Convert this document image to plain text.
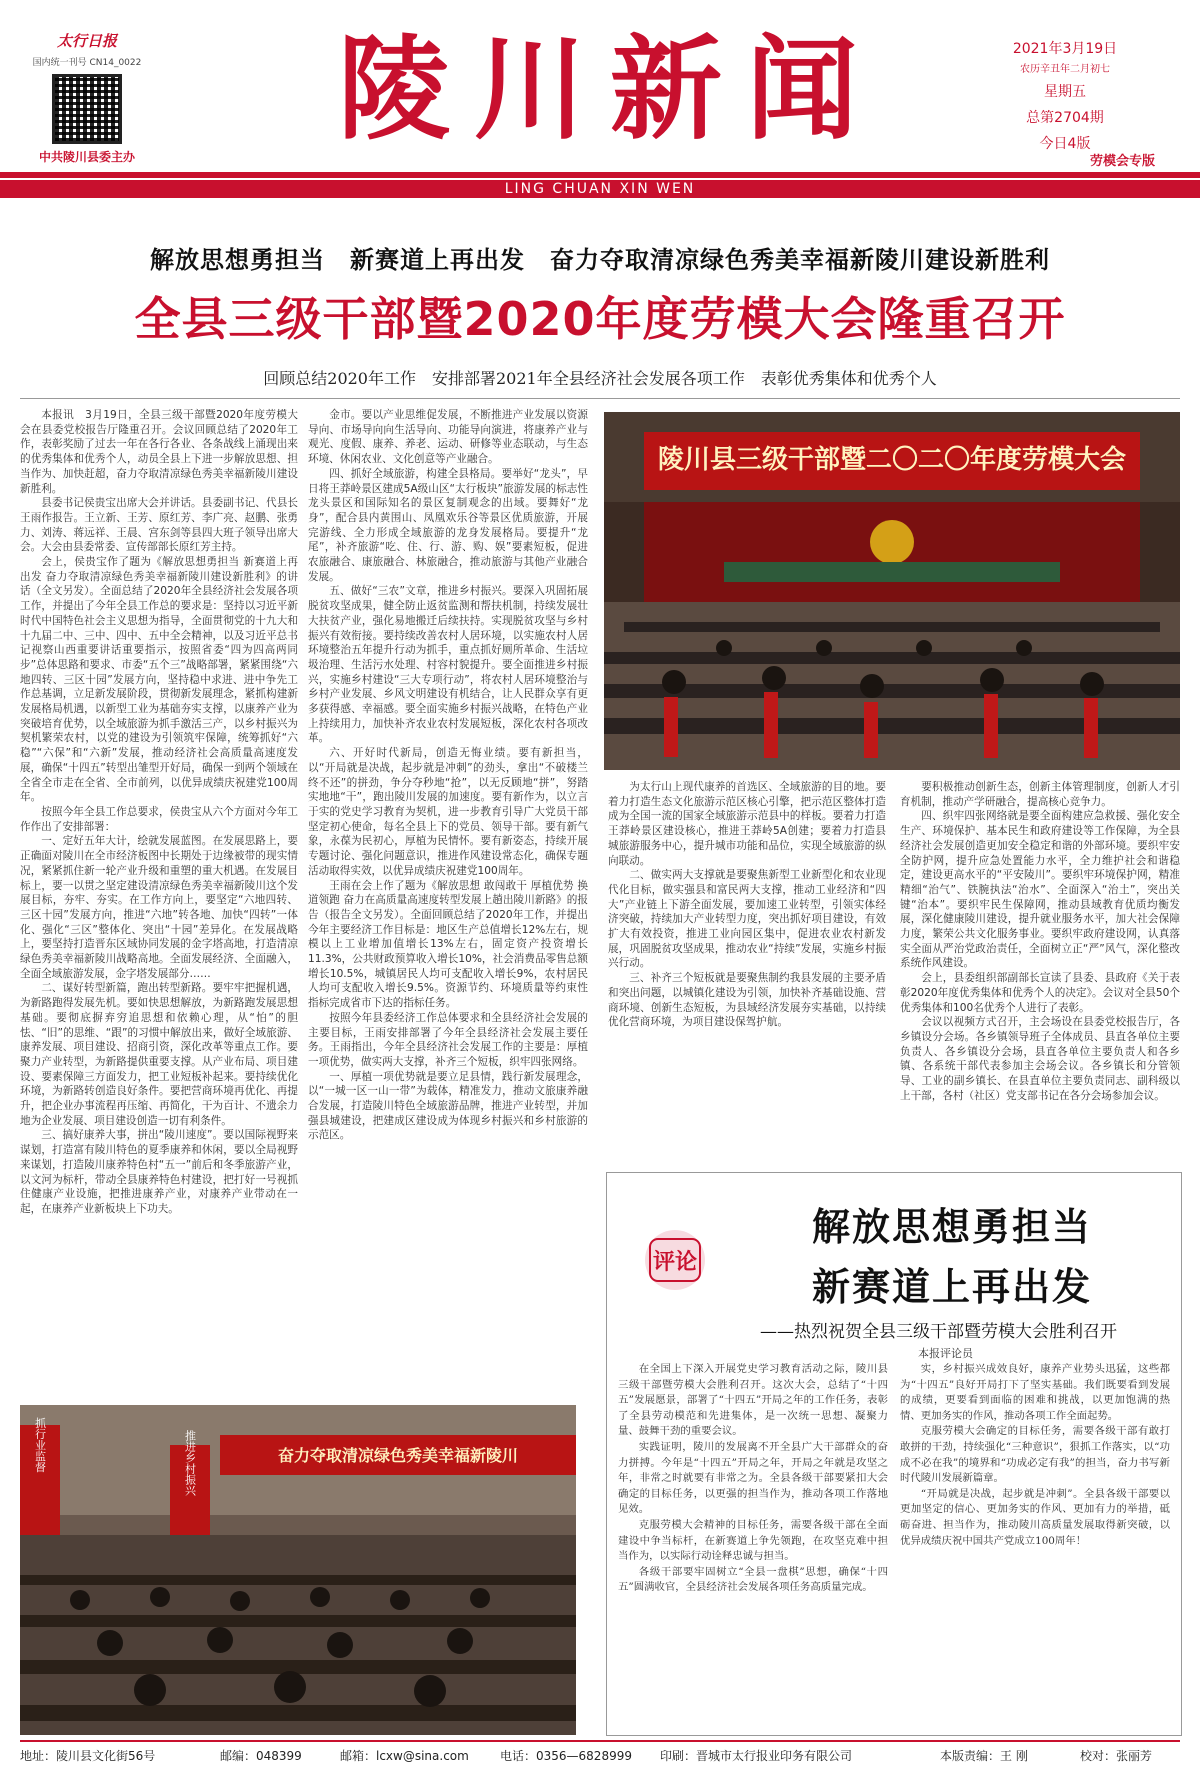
太行日报
国内统一刊号 CN14_0022
中共陵川县委主办
陵川新闻	2021年3月19日
农历辛丑年二月初七
星期五
总第2704期
今日4版
劳模会专版
LING CHUAN XIN WEN
解放思想勇担当　新赛道上再出发　奋力夺取清凉绿色秀美幸福新陵川建设新胜利
全县三级干部暨2020年度劳模大会隆重召开
回顾总结2020年工作　安排部署2021年全县经济社会发展各项工作　表彰优秀集体和优秀个人

本报讯　3月19日，全县三级干部暨2020年度劳模大会在县委党校报告厅隆重召开。会议回顾总结了2020年工作，表彰奖励了过去一年在各行各业、各条战线上涌现出来的优秀集体和优秀个人，动员全县上下进一步解放思想、担当作为、加快赶超，奋力夺取清凉绿色秀美幸福新陵川建设新胜利。

县委书记侯贵宝出席大会并讲话。县委副书记、代县长王雨作报告。王立新、王芳、原红芳、李广亮、赵鹏、张勇力、刘涛、蒋远祥、王晨、宫东剑等县四大班子领导出席大会。大会由县委常委、宣传部部长原红芳主持。

会上，侯贵宝作了题为《解放思想勇担当 新赛道上再出发 奋力夺取清凉绿色秀美幸福新陵川建设新胜利》的讲话（全文另发）。全面总结了2020年全县经济社会发展各项工作，并提出了今年全县工作总的要求是：坚持以习近平新时代中国特色社会主义思想为指导，全面贯彻党的十九大和十九届二中、三中、四中、五中全会精神，以及习近平总书记视察山西重要讲话重要指示，按照省委“四为四高两同步”总体思路和要求、市委“五个三”战略部署，紧紧围绕“六地四转、三区十园”发展方向，坚持稳中求进、进中争先工作总基调，立足新发展阶段，贯彻新发展理念，紧抓构建新发展格局机遇，以新型工业为基础夯实支撑，以康养产业为突破培育优势，以全域旅游为抓手激活三产，以乡村振兴为契机繁荣农村，以党的建设为引领筑牢保障，统筹抓好“六稳”“六保”和“六新”发展，推动经济社会高质量高速度发展，确保“十四五”转型出雏型开好局，确保一到两个领域在全省全市走在全省、全市前列，以优异成绩庆祝建党100周年。

按照今年全县工作总要求，侯贵宝从六个方面对今年工作作出了安排部署：

一、定好五年大计，绘就发展蓝图。在发展思路上，要正确面对陵川在全市经济板图中长期处于边缘被带的现实情况，紧紧抓住新一轮产业升级和重塑的重大机遇。在发展目标上，要一以贯之坚定建设清凉绿色秀美幸福新陵川这个发展目标，夯牢、夯实。在工作方向上，要坚定“六地四转、三区十园”发展方向，推进“六地”转各地、加快“四转”一体化、强化“三区”整体化、突出“十园”差异化。在发展战略上，要坚持打造晋东区域协同发展的金字塔高地，打造清凉绿色秀美幸福新陵川战略高地。全面发展经济、全面融入，全面全域旅游发展，金字塔发展部分……

二、谋好转型新篇，跑出转型新路。要牢牢把握机遇，为新路跑得发展先机。要如快思想解放，为新路跑发展思想基础。要彻底摒弃穷追思想和依赖心理，从“怕”的胆怯、“旧”的思维、“跟”的习惯中解放出来，做好全域旅游、康养发展、项目建设、招商引资，深化改革等重点工作。要聚力产业转型，为新路提供重要支撑。从产业布局、项目建设、要素保障三方面发力，把工业短板补起来。要持续优化环境，为新路转创造良好条件。要把营商环境再优化、再提升，把企业办事流程再压缩、再简化，干为百计、不遗余力地为企业发展、项目建设创造一切有利条件。

三、搞好康养大事，拼出“陵川速度”。要以国际视野来谋划，打造富有陵川特色的夏季康养和休闲，要以全局视野来谋划，打造陵川康养特色村“五一”前后和冬季旅游产业，以文河为标杆，带动全县康养特色村建设，把打好一号视抓住健康产业设施，把推进康养产业，对康养产业带动在一起，在康养产业新板块上下功夫。

金市。要以产业思维促发展，不断推进产业发展以资源导向、市场导向向生活导向、功能导向演进，将康养产业与观光、度假、康养、养老、运动、研修等业态联动，与生态环境、休闲农业、文化创意等产业融合。

四、抓好全域旅游，构建全县格局。要举好“龙头”，早日将王莽岭景区建成5A级山区“太行板块”旅游发展的标志性龙头景区和国际知名的景区复制观念的出域。要舞好“龙身”，配合县内黄围山、凤凰欢乐谷等景区优质旅游，开展完游线、全力形成全域旅游的龙身发展格局。要提升“龙尾”，补齐旅游“吃、住、行、游、购、娱”要素短板，促进农旅融合、康旅融合、林旅融合，推动旅游与其他产业融合发展。

五、做好“三农”文章，推进乡村振兴。要深入巩固拓展脱贫攻坚成果，健全防止返贫监测和帮扶机制，持续发展壮大扶贫产业，强化易地搬迁后续扶持。实现脱贫攻坚与乡村振兴有效衔接。要持续改善农村人居环境，以实施农村人居环境整治五年提升行动为抓手，重点抓好厕所革命、生活垃圾治理、生活污水处理、村容村貌提升。要全面推进乡村振兴，实施乡村建设“三大专项行动”，将农村人居环境整治与乡村产业发展、乡风文明建设有机结合，让人民群众享有更多获得感、幸福感。要全面实施乡村振兴战略，在特色产业上持续用力，加快补齐农业农村发展短板，深化农村各项改革。

六、开好时代新局，创造无悔业绩。要有新担当，以“开局就是决战，起步就是冲刺”的劲头，拿出“不破楼兰终不还”的拼劲，争分夺秒地“抢”，以无反顾地“拼”，努踏实地地“干”，跑出陵川发展的加速度。要有新作为，以立言于实的党史学习教育为契机，进一步教育引导广大党员干部坚定初心使命，每名全县上下的党员、领导干部。要有新气象，永葆为民初心，厚植为民情怀。要有新姿态，持续开展专题讨论、强化问题意识，推进作风建设常态化，确保专题活动取得实效，以优异成绩庆祝建党100周年。

王雨在会上作了题为《解放思想 敢闯敢干 厚植优势 换道领跑 奋力在高质量高速度转型发展上趟出陵川新路》的报告（报告全文另发）。全面回顾总结了2020年工作，并提出今年主要经济工作目标是：地区生产总值增长12%左右，规模以上工业增加值增长13%左右，固定资产投资增长11.3%，公共财政预算收入增长10%，社会消费品零售总额增长10.5%，城镇居民人均可支配收入增长9%，农村居民人均可支配收入增长9.5%。资源节约、环境质量等约束性指标完成省市下达的指标任务。

按照今年县委经济工作总体要求和全县经济社会发展的主要目标，王雨安排部署了今年全县经济社会发展主要任务。王雨指出，今年全县经济社会发展工作的主要是：厚植一项优势，做实两大支撑，补齐三个短板，织牢四张网络。

一、厚植一项优势就是要立足县情，践行新发展理念，以“一城一区一山一带”为载体，精准发力，推动文旅康养融合发展，打造陵川特色全域旅游品牌，推进产业转型，并加强县城建设，把建成区建设成为体现乡村振兴和乡村旅游的示范区。

为太行山上现代康养的首选区、全域旅游的目的地。要着力打造生态文化旅游示范区核心引擎，把示范区整体打造成为全国一流的国家全域旅游示范县中的样板。要着力打造王莽岭景区建设核心，推进王莽岭5A创建；要着力打造县城旅游服务中心，提升城市功能和品位，实现全域旅游的纵向联动。

二、做实两大支撑就是要聚焦新型工业新型化和农业现代化目标，做实强县和富民两大支撑，推动工业经济和“四大”产业链上下游全面发展，要加速工业转型，引领实体经济突破，持续加大产业转型力度，突出抓好项目建设，有效扩大有效投资，推进工业向园区集中，促进农业农村新发展，巩固脱贫攻坚成果，推动农业“持续”发展，实施乡村振兴行动。

三、补齐三个短板就是要聚焦制约我县发展的主要矛盾和突出问题，以城镇化建设为引领，加快补齐基础设施、营商环境、创新生态短板，为县域经济发展夯实基础，以持续优化营商环境，为项目建设保驾护航。

要积极推动创新生态，创新主体管理制度，创新人才引育机制，推动产学研融合，提高核心竞争力。

四、织牢四张网络就是要全面构建应急救援、强化安全生产、环境保护、基本民生和政府建设等工作保障，为全县经济社会发展创造更加安全稳定和谐的外部环境。要织牢安全防护网，提升应急处置能力水平，全力维护社会和谐稳定，建设更高水平的“平安陵川”。要织牢环境保护网，精准精细“治气”、铁腕执法“治水”、全面深入“治土”，突出关键“治本”。要织牢民生保障网，推动县域教育优质均衡发展，深化健康陵川建设，提升就业服务水平，加大社会保障力度，繁荣公共文化服务事业。要织牢政府建设网，认真落实全面从严治党政治责任，全面树立正“严”风气，深化整改系统作风建设。

会上，县委组织部副部长宣读了县委、县政府《关于表彰2020年度优秀集体和优秀个人的决定》。会议对全县50个优秀集体和100名优秀个人进行了表彰。

会议以视频方式召开，主会场设在县委党校报告厅，各乡镇设分会场。各乡镇领导班子全体成员、县直各单位主要负责人、各乡镇设分会场，县直各单位主要负责人和各乡镇、各系统干部代表参加主会场会议。各乡镇长和分管领导、工业的副乡镇长、在县直单位主要负责同志、副科级以上干部，各村（社区）党支部书记在各分会场参加会议。

陵川县三级干部暨二〇二〇年度劳模大会
奋力夺取清凉绿色秀美幸福新陵川
抓行业监督	推进乡村振兴
评论
解放思想勇担当
新赛道上再出发
——热烈祝贺全县三级干部暨劳模大会胜利召开
本报评论员

在全国上下深入开展党史学习教育活动之际，陵川县三级干部暨劳模大会胜利召开。这次大会，总结了“十四五”发展愿景，部署了“十四五”开局之年的工作任务，表彰了全县劳动模范和先进集体，是一次统一思想、凝聚力量、鼓舞干劲的重要会议。

实践证明，陵川的发展离不开全县广大干部群众的奋力拼搏。今年是“十四五”开局之年，开局之年就是攻坚之年，非常之时就要有非常之为。全县各级干部要紧扣大会确定的目标任务，以更强的担当作为，推动各项工作落地见效。

克服劳模大会精神的目标任务，需要各级干部在全面建设中争当标杆，在新赛道上争先领跑，在攻坚克难中担当作为，以实际行动诠释忠诚与担当。

各级干部要牢固树立“全县一盘棋”思想，确保“十四五”圆满收官，全县经济社会发展各项任务高质量完成。

实，乡村振兴成效良好，康养产业势头迅猛，这些都为“十四五”良好开局打下了坚实基础。我们既要看到发展的成绩，更要看到面临的困难和挑战，以更加饱满的热情、更加务实的作风，推动各项工作全面起势。

克服劳模大会确定的目标任务，需要各级干部有敢打敢拼的干劲，持续强化“三种意识”，狠抓工作落实，以“功成不必在我”的境界和“功成必定有我”的担当，奋力书写新时代陵川发展新篇章。

“开局就是决战，起步就是冲刺”。全县各级干部要以更加坚定的信心、更加务实的作风、更加有力的举措，砥砺奋进、担当作为，推动陵川高质量发展取得新突破，以优异成绩庆祝中国共产党成立100周年！

地址：陵川县文化街56号	邮编：048399	邮箱：lcxw@sina.com	电话：0356—6828999 印刷：晋城市太行报业印务有限公司	本版责编：王 刚	校对：张丽芳
